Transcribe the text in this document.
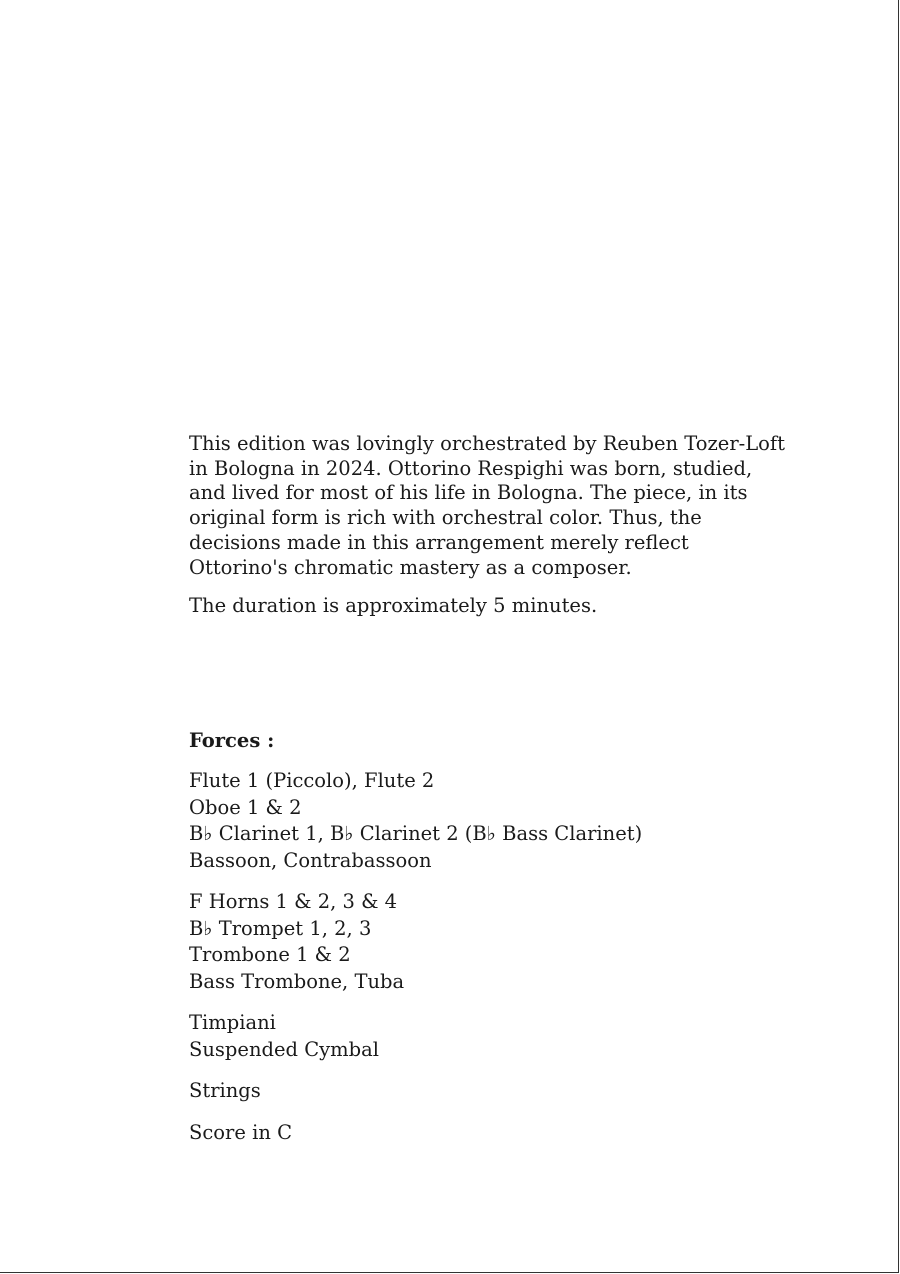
This edition was lovingly orchestrated by Reuben Tozer-Loft in Bologna in 2024. Ottorino Respighi was born, studied, and lived for most of his life in Bologna. The piece, in its original form is rich with orchestral color. Thus, the decisions made in this arrangement merely reflect Ottorino's chromatic mastery as a composer.

The duration is approximately 5 minutes.

Forces :
Flute 1 (Piccolo), Flute 2
Oboe 1 & 2
B♭ Clarinet 1, B♭ Clarinet 2 (B♭ Bass Clarinet)
Bassoon, Contrabassoon
F Horns 1 & 2, 3 & 4
B♭ Trompet 1, 2, 3
Trombone 1 & 2
Bass Trombone, Tuba
Timpiani
Suspended Cymbal
Strings
Score in C
